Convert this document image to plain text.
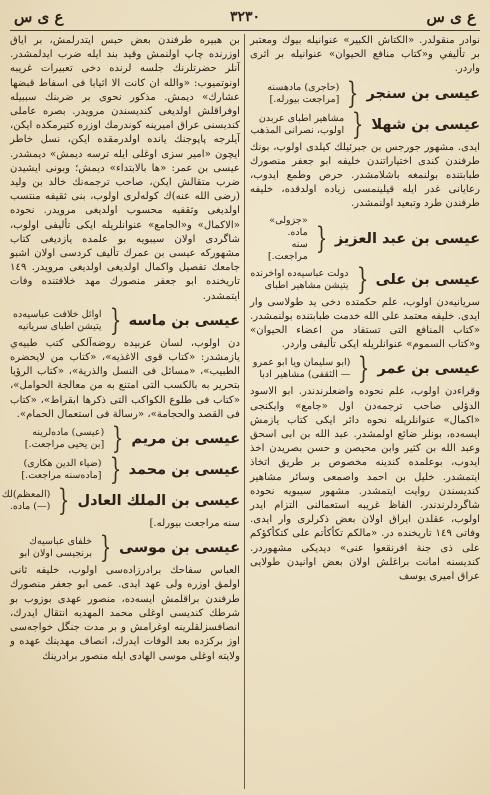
ع ى س	٣٢٣٠	ع ى س

نوادر منقولدر. «الكتاش الكبير» عنوانيله بيوك ومعتبر بر تأليفي و«كتاب منافع الحيوان» عنوانيله بر اثرى واردر.

عيسى بن سنجر
{
(حاجرى) مادهسنه
[مراجعت بيورله.]
عيسى بن شهلا
{
مشاهير اطباى عربدن
اولوب، نصرانى المذهب

ايدى. مشهور جورجس بن جبرئيلك كيلدى اولوب، بونك طرفندن كندى اختياراتندن خليفه ابو جعفر منصورك طبابتنده بولنمغه باشلامشدر. حرص وطمع ايدوب، رعايانى غدر ايله قيلينمسى زياده اولدقده، خليفه طرفندن طرد وتبعيد اولنمشدر.

عيسى بن عبد العزيز
{
«جزولى» ماده‌.
سنه مراجعت.]
عيسى بن على
{
دولت عباسيه‌ده اواخرنده
يتيشن مشاهير اطباى

سريانيه‌دن اولوب، علم حكمتده دخى يد طولاسى وار ايدى. خليفه معتمد على الله خدمت طبابتنده بولنمشدر. «كتاب المنافع التى تستفاد من اعضاء الحيوان» و«كتاب السموم» عنوانلريله ايكى تأليفى واردر.

عيسى بن عمر
{
(ابو سليمان ويا ابو عمرو
— الثقفى) مشاهير ادبا

وقراءدن اولوب، علم نحوده واضعلرندندر. ابو الاسود الدؤلى صاحب ترجمه‌دن اول «جامع» وايكنجى «اكمال» عنوانلريله نحوه دائر ايكى كتاب يازمش ايسه‌ده، بونلر ضائع اولمشدر. عبد الله بن ابى اسحق وعبد الله بن كثير وابن محيصن و حسن بصريدن اخذ ايدوب، بوعلمده كندينه مخصوص بر طريق اتخاذ ايتمشدر. خليل بن احمد واصمعى وسائر مشاهير كنديسندن روايت ايتمشدر. مشهور سيبويه نحوده شاگردلرندندر. الفاظ غريبه استعمالنى التزام ايدر اولوب، عقلدن ايراق اولان بعض ذكرلرى وار ايدى. وفاتى ١٤٩ تاريخنده در. «مالكم تكأكأتم على كتكأكؤكم على ذى جنة افرنقعوا عنى» ديديكى مشهوردر. كنديسنه امانت براغلش اولان بعض اوانيدن طولايى عراق اميرى يوسف

بن هبيره طرفندن بعض حبس ايتدرلمش، بر اياق اوزرنده چاپ اولنمش وقيد بند ايله ضرب ايدلمشدر. آنلر حضرتلرنك جلسه لرنده دخى تعبيرات غريبه اونوتميوب: «والله ان كانت الا اثيابا فى اسفاط قبضها عشارك» ديمش. مذكور نحوى بر ضربنك سببيله اوفراقلش اولديغى كنديسندن مرويدر. بصره عاملى كنديسنى عراق اميرينه كوندرمك اوزره كتيرمكده ايكن، آيلرجه پاپوجنك يانده اولدرمقده ايكن، نسل خاطر ايچون «امير سزى اوغلى ايله ترسه ديمش» ديمشدر. عيسى بن عمر: «ها بالابتداء» ديمش؛ وبونى ايشيدن ضرب متقالش ايكن، صاحب ترجمه‌نك خالد بن وليد (رضى الله عنه)ك كوله‌لرى اولوب، بنى ثقيفه منتسب اولديغى وثقفيه محسوب اولديغى مرويدر. نحوده «الاكمال» و«الجامع» عنوانلريله ايكى تأليفى اولوب، شاگردى اولان سيبويه بو علمده يازديغى كتاب مشهوركه عيسى بن عمرك تأليف كردسى اولان اشبو جامعك تفصيل واكمال اولديغى اولديغى مرويدر. ١٤٩ تاريخنده ابو جعفر منصورك مهد خلافتنده وفات ايتمشدر.

عيسى بن ماسه
{
اوائل خلافت عباسيه‌ده
يتيشن اطباى سريانيه‌

دن اولوب، لسان عربيده روضه‌آلكى كتب طبيه‌ي يازمشدر: «كتاب قوى الاغذيه»، «كتاب من لايحضره الطبيب»، «مسائل فى النسل والذرية»، «كتاب الرؤيا بتحرير به بالكسب التى امتنع به من معالجة الحوامل»، «كتاب فى طلوع الكواكب التى ذكرها ابقراط»، «كتاب فى القصد والحجامة»، «رسالة فى استعمال الحمام».

عيسى بن مريم
{
(عيسى) ماده‌لرينه
[بن يحيى مراجعت.]
عيسى بن محمد
{
(ضياء الدين هكارى)
[ماده‌سنه مراجعت.]
عيسى بن الملك العادل
{
(المعظم)لك
(—) ماده‌.

سنه مراجعت بيورله.]

عيسى بن موسى
{
خلفاى عباسيه‌ك
برنجيسى اولان ابو

العباس سفاحك برادرزاده‌سى اولوب، خليفه ثانى اولمق اوزره ولى عهد ايدى. عمى ابو جعفر منصورك طرفندن براقلمش ايسه‌ده، منصور عهدى بوزوب بو شرطك كنديسى اوغلى محمد المهديه انتقال ايدرك، انصافسزلقلرينه اوغرامش و بر مدت جنگل خواجه‌سى اوز بركزده بعد الوفات ايدرك، انصاف مهدينك عهده و ولايته اوغلى موسى الهادى ايله منصور برادرينك
